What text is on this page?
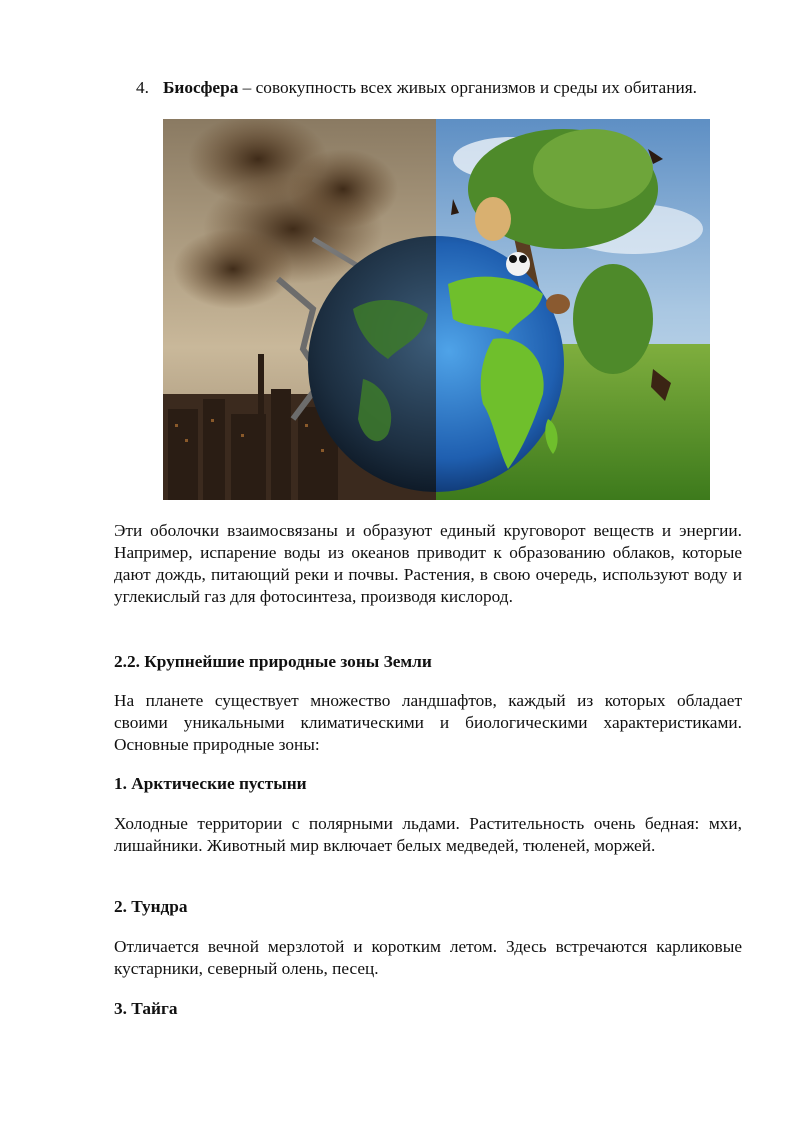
4. Биосфера – совокупность всех живых организмов и среды их обитания.
Эти оболочки взаимосвязаны и образуют единый круговорот веществ и энергии. Например, испарение воды из океанов приводит к образованию облаков, которые дают дождь, питающий реки и почвы. Растения, в свою очередь, используют воду и углекислый газ для фотосинтеза, производя кислород.
2.2. Крупнейшие природные зоны Земли
На планете существует множество ландшафтов, каждый из которых обладает своими уникальными климатическими и биологическими характеристиками. Основные природные зоны:
1. Арктические пустыни
Холодные территории с полярными льдами. Растительность очень бедная: мхи, лишайники. Животный мир включает белых медведей, тюленей, моржей.
2. Тундра
Отличается вечной мерзлотой и коротким летом. Здесь встречаются карликовые кустарники, северный олень, песец.
3. Тайга
